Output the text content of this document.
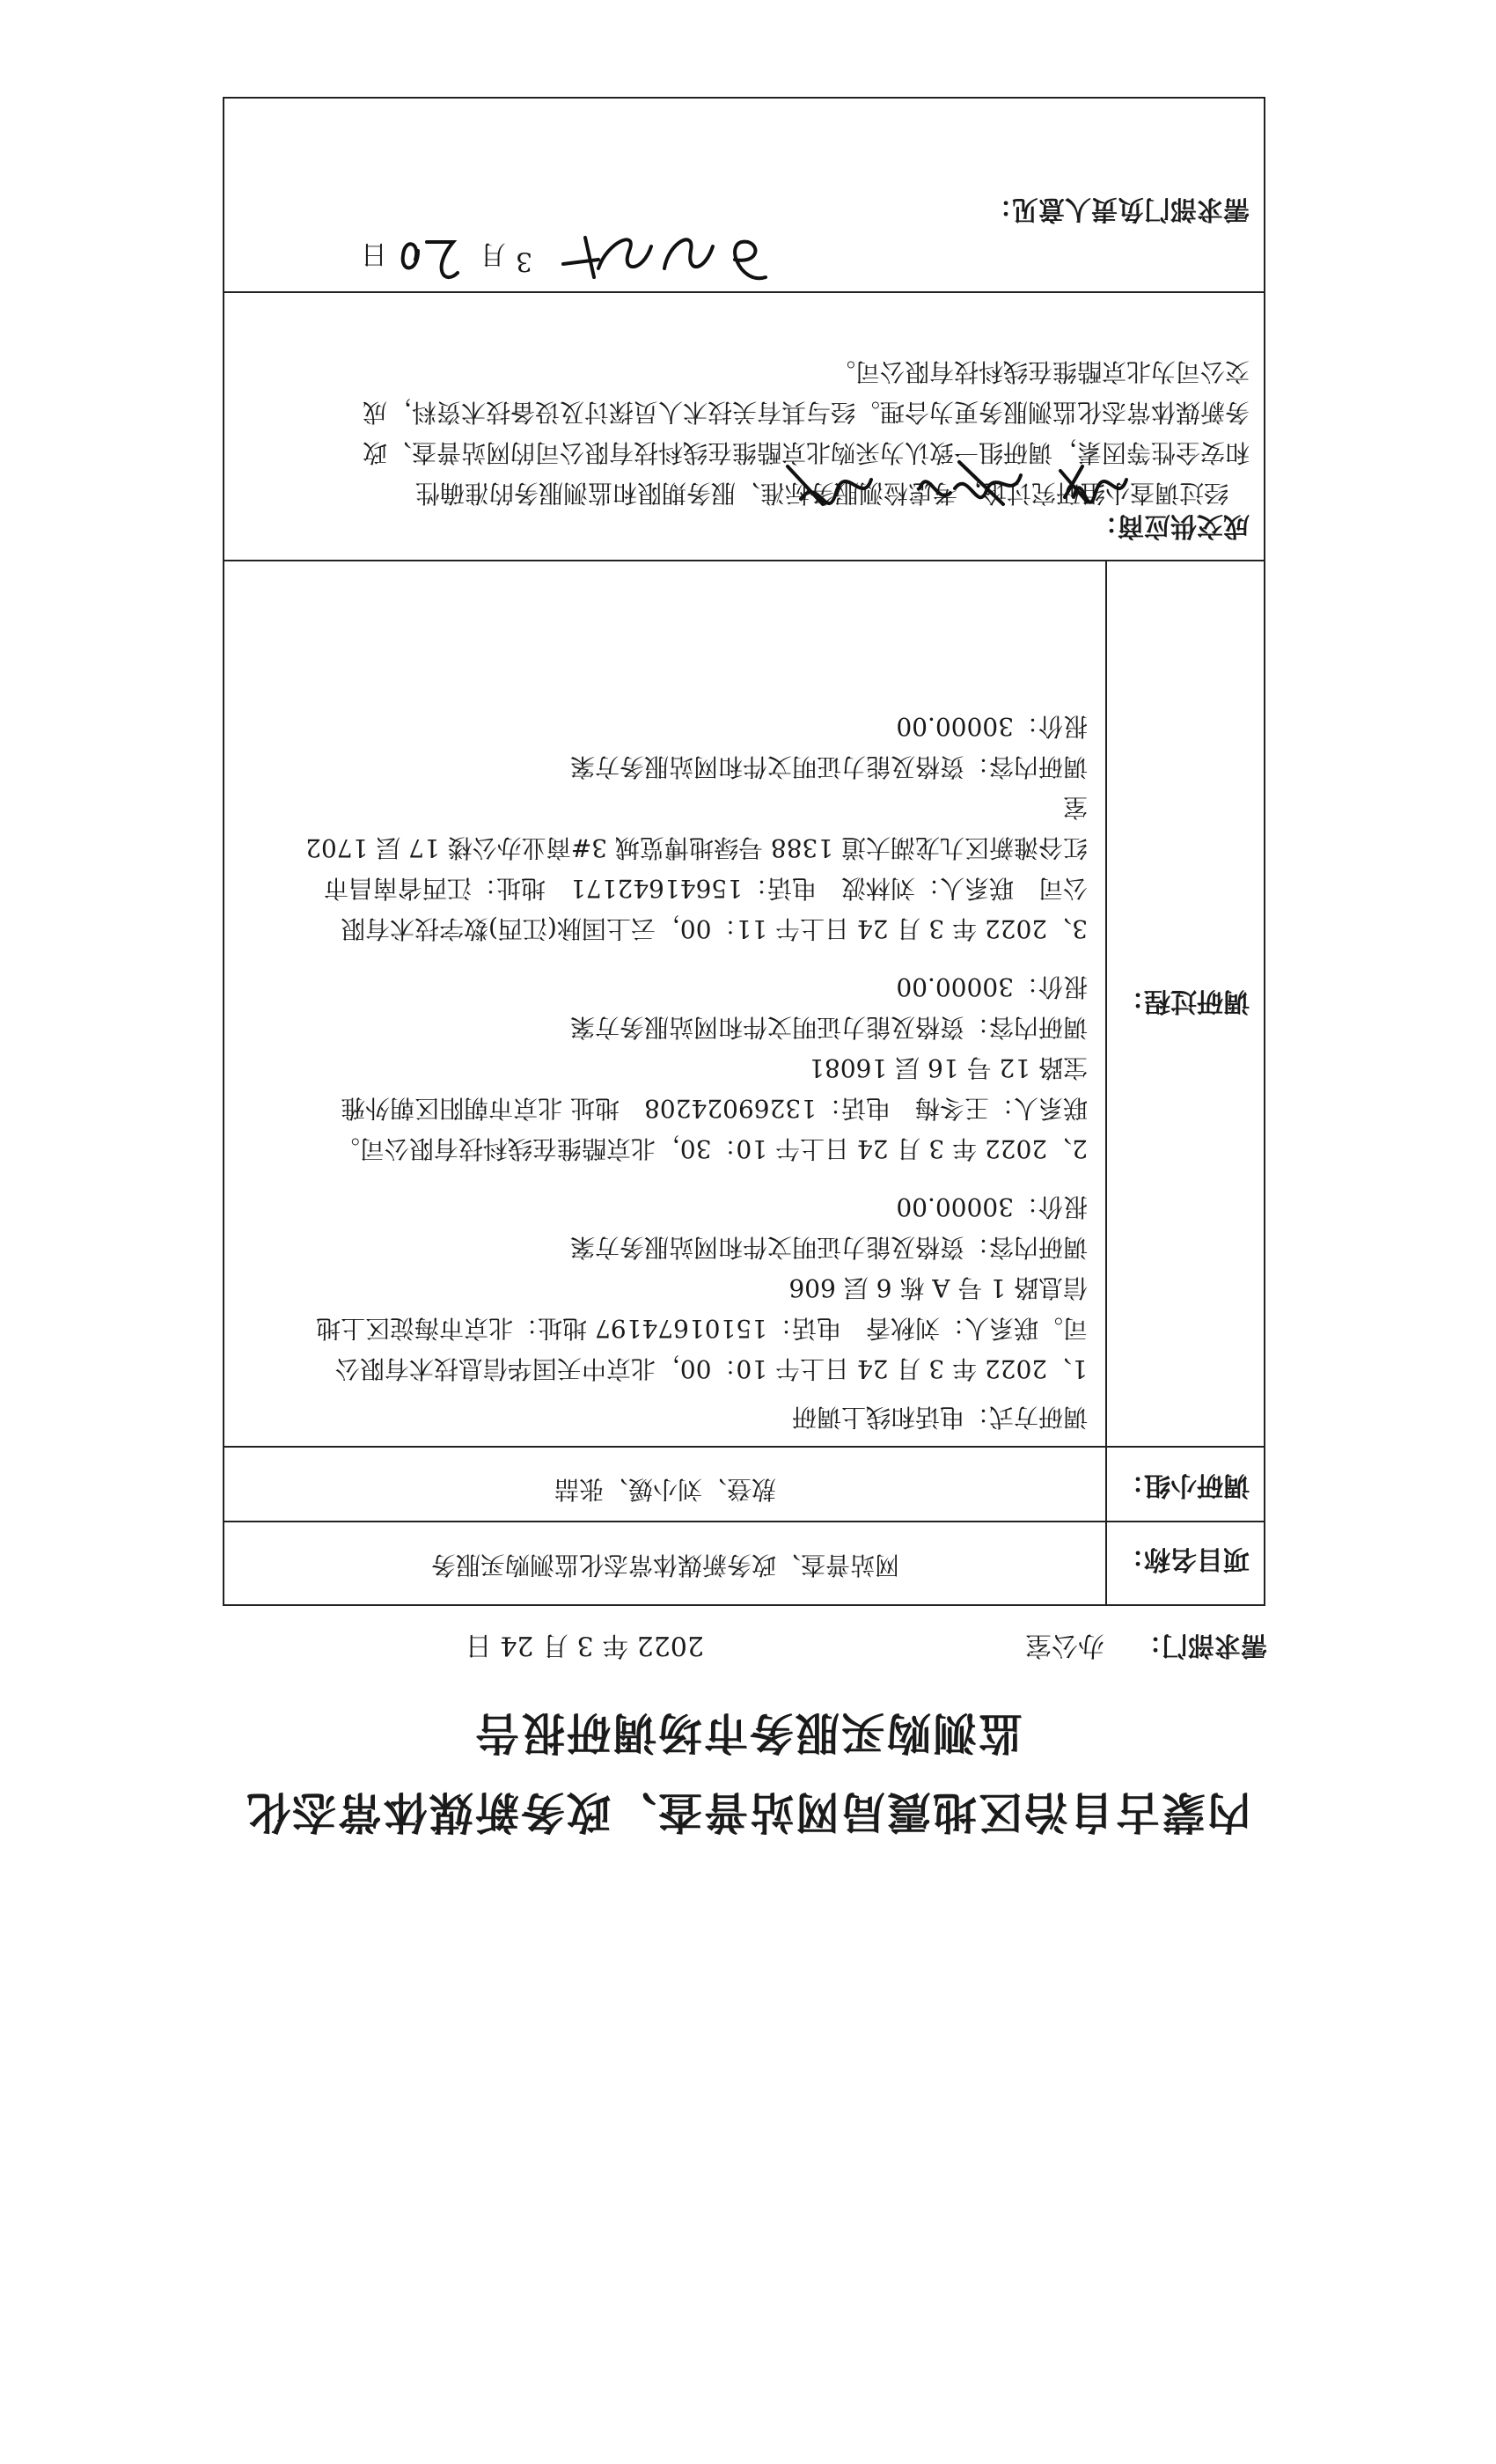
内蒙古自治区地震局网站普查、政务新媒体常态化
监测购买服务市场调研报告
需求部门：
办公室
2022 年 3 月 24 日
项目名称：
网站普查、政务新媒体常态化监测购买服务
调研小组：
敖登、刘小媛、张喆
调研过程：
调研方式：电话和线上调研
1、2022 年 3 月 24 日上午 10：00，北京中天国华信息技术有限公
司。联系人：刘秋香　电话：15101674197 地址：北京市海淀区上地
信息路 1 号 A 栋 6 层 606
调研内容：资格及能力证明文件和网站服务方案
报价：30000.00
2、2022 年 3 月 24 日上午 10：30，北京酷维在线科技有限公司。
联系人：王冬梅　电话：13269024208　地址 北京市朝阳区朝外雅
宝路 12 号 16 层 16081
调研内容：资格及能力证明文件和网站服务方案
报价：30000.00
3、2022 年 3 月 24 日上午 11：00，云上国脉(江西)数字技术有限
公司　联系人：刘林波　电话：15641642171　地址：江西省南昌市
红谷滩新区九龙湖大道 1388 号绿地博览城 3#商业办公楼 17 层 1702
室
调研内容：资格及能力证明文件和网站服务方案
报价：30000.00
成交供应商：
经过调查小组研究讨论，考虑检测服务标准、服务期限和监测服务的准确性
和安全性等因素，调研组一致认为采购北京酷维在线科技有限公司的网站普查、政
务新媒体常态化监测服务更为合理。经与其有关技术人员探讨及设备技术资料，成
交公司为北京酷维在线科技有限公司。
需求部门负责人意见：
3
月
日
